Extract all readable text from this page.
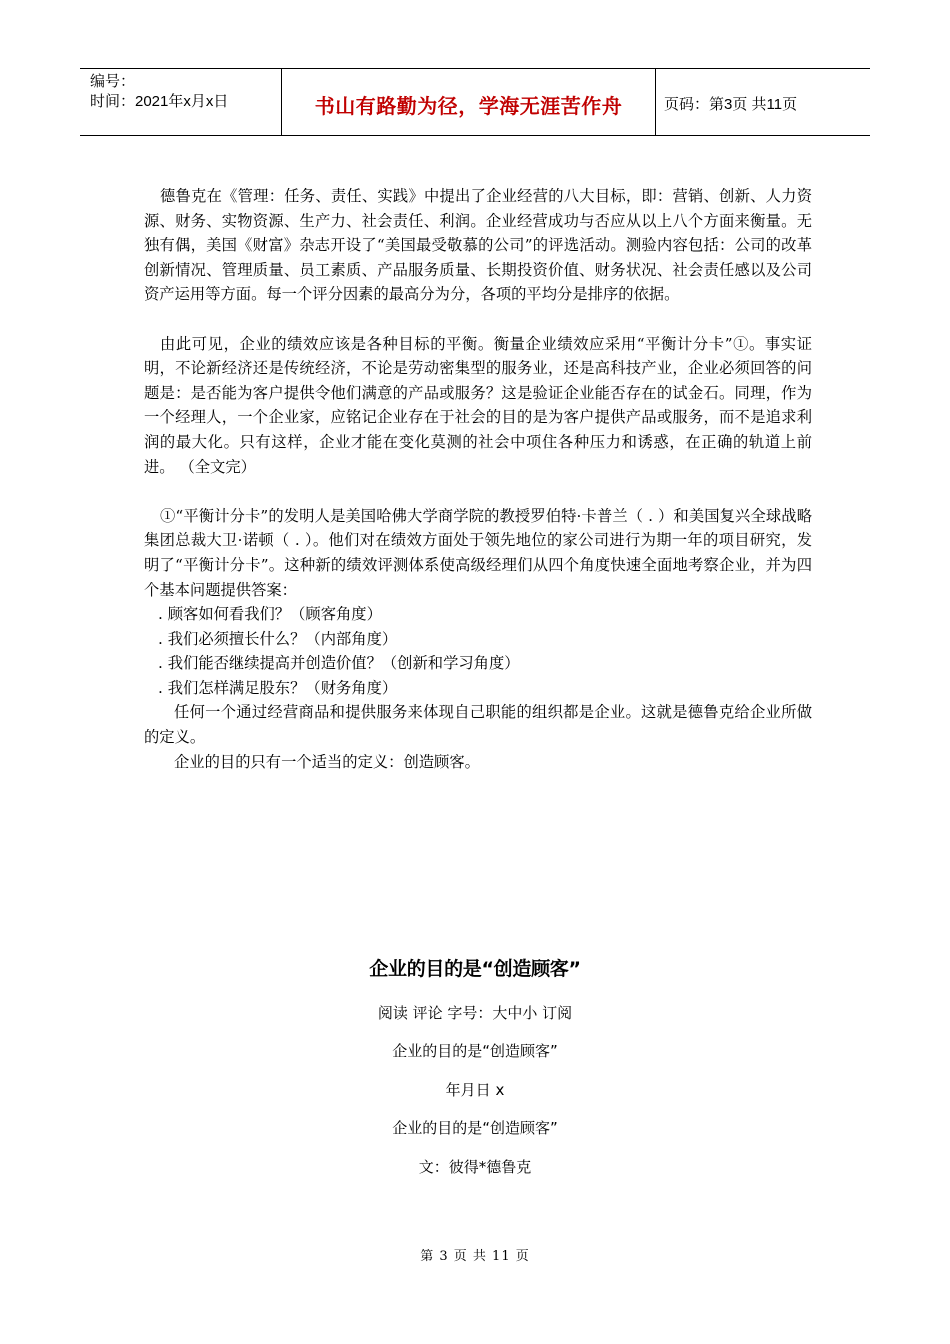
编号：
时间：2021年x月x日	书山有路勤为径，学海无涯苦作舟	页码：第3页 共11页

德鲁克在《管理：任务、责任、实践》中提出了企业经营的八大目标，即：营销、创新、人力资源、财务、实物资源、生产力、社会责任、利润。企业经营成功与否应从以上八个方面来衡量。无独有偶，美国《财富》杂志开设了“美国最受敬慕的公司”的评选活动。测验内容包括：公司的改革创新情况、管理质量、员工素质、产品服务质量、长期投资价值、财务状况、社会责任感以及公司资产运用等方面。每一个评分因素的最高分为分，各项的平均分是排序的依据。

由此可见，企业的绩效应该是各种目标的平衡。衡量企业绩效应采用“平衡计分卡”①。事实证明，不论新经济还是传统经济，不论是劳动密集型的服务业，还是高科技产业，企业必须回答的问题是：是否能为客户提供令他们满意的产品或服务？这是验证企业能否存在的试金石。同理，作为一个经理人，一个企业家，应铭记企业存在于社会的目的是为客户提供产品或服务，而不是追求利润的最大化。只有这样，企业才能在变化莫测的社会中项住各种压力和诱惑，在正确的轨道上前进。 （全文完）

①“平衡计分卡”的发明人是美国哈佛大学商学院的教授罗伯特·卡普兰（ . ）和美国复兴全球战略集团总裁大卫·诺顿（ . ）。他们对在绩效方面处于领先地位的家公司进行为期一年的项目研究，发明了“平衡计分卡”。这种新的绩效评测体系使高级经理们从四个角度快速全面地考察企业，并为四个基本问题提供答案：

. 顾客如何看我们？（顾客角度）

. 我们必须擅长什么？（内部角度）

. 我们能否继续提高并创造价值？（创新和学习角度）

. 我们怎样满足股东？（财务角度）

任何一个通过经营商品和提供服务来体现自己职能的组织都是企业。这就是德鲁克给企业所做的定义。

企业的目的只有一个适当的定义：创造顾客。

企业的目的是“创造顾客”
阅读 评论 字号：大中小 订阅
企业的目的是“创造顾客”
年月日 x
企业的目的是“创造顾客”
文：彼得*德鲁克
第 3 页 共 11 页
